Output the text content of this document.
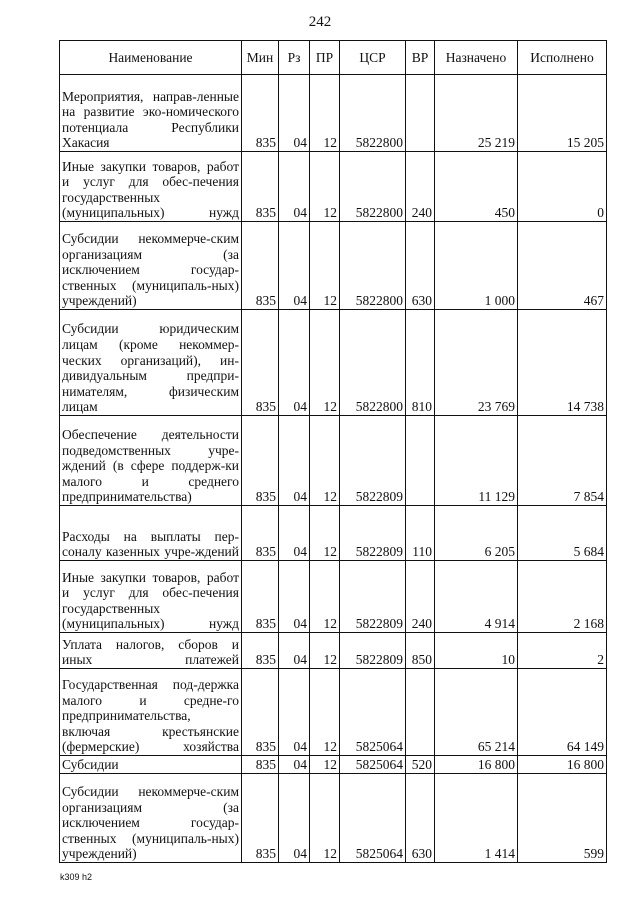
242
Наименование	Мин	Рз	ПР	ЦСР	ВР	Назначено	Исполнено
Мероприятия, направ-ленные на развитие эко-номического потенциала Республики Хакасия	835	04	12	5822800		25 219	15 205
Иные закупки товаров, работ и услуг для обес-печения государственных (муниципальных) нужд	835	04	12	5822800	240	450	0
Субсидии некоммерче-ским организациям (за исключением государ-ственных (муниципаль-ных) учреждений)	835	04	12	5822800	630	1 000	467
Субсидии юридическим лицам (кроме некоммер-ческих организаций), ин-дивидуальным предпри-нимателям, физическим лицам	835	04	12	5822800	810	23 769	14 738
Обеспечение деятельности подведомственных учре-ждений (в сфере поддерж-ки малого и среднего предпринимательства)	835	04	12	5822809		11 129	7 854
Расходы на выплаты пер-соналу казенных учре-ждений	835	04	12	5822809	110	6 205	5 684
Иные закупки товаров, работ и услуг для обес-печения государственных (муниципальных) нужд	835	04	12	5822809	240	4 914	2 168
Уплата налогов, сборов и иных платежей	835	04	12	5822809	850	10	2
Государственная под-держка малого и средне-го предпринимательства, включая крестьянские (фермерские) хозяйства	835	04	12	5825064		65 214	64 149
Субсидии	835	04	12	5825064	520	16 800	16 800
Субсидии некоммерче-ским организациям (за исключением государ-ственных (муниципаль-ных) учреждений)	835	04	12	5825064	630	1 414	599
k309 h2
